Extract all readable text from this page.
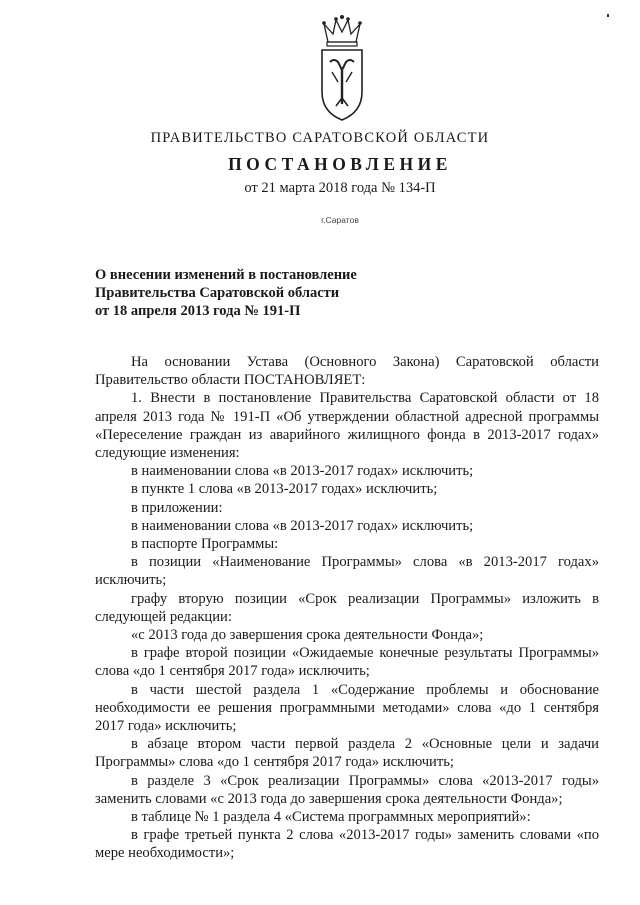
ПРАВИТЕЛЬСТВО САРАТОВСКОЙ ОБЛАСТИ
ПОСТАНОВЛЕНИЕ
от 21 марта 2018 года № 134-П
г.Саратов
О внесении изменений в постановление
Правительства Саратовской области
от 18 апреля 2013 года № 191-П

На основании Устава (Основного Закона) Саратовской области Правительство области ПОСТАНОВЛЯЕТ:

1. Внести в постановление Правительства Саратовской области от 18 апреля 2013 года № 191-П «Об утверждении областной адресной программы «Переселение граждан из аварийного жилищного фонда в 2013-2017 годах» следующие изменения:

в наименовании слова «в 2013-2017 годах» исключить;

в пункте 1 слова «в 2013-2017 годах» исключить;

в приложении:

в наименовании слова «в 2013-2017 годах» исключить;

в паспорте Программы:

в позиции «Наименование Программы» слова «в 2013-2017 годах» исключить;

графу вторую позиции «Срок реализации Программы» изложить в следующей редакции:

«с 2013 года до завершения срока деятельности Фонда»;

в графе второй позиции «Ожидаемые конечные результаты Программы» слова «до 1 сентября 2017 года» исключить;

в части шестой раздела 1 «Содержание проблемы и обоснование необходимости ее решения программными методами» слова «до 1 сентября 2017 года» исключить;

в абзаце втором части первой раздела 2 «Основные цели и задачи Программы» слова «до 1 сентября 2017 года» исключить;

в разделе 3 «Срок реализации Программы» слова «2013-2017 годы» заменить словами «с 2013 года до завершения срока деятельности Фонда»;

в таблице № 1 раздела 4 «Система программных мероприятий»:

в графе третьей пункта 2 слова «2013-2017 годы» заменить словами «по мере необходимости»;
